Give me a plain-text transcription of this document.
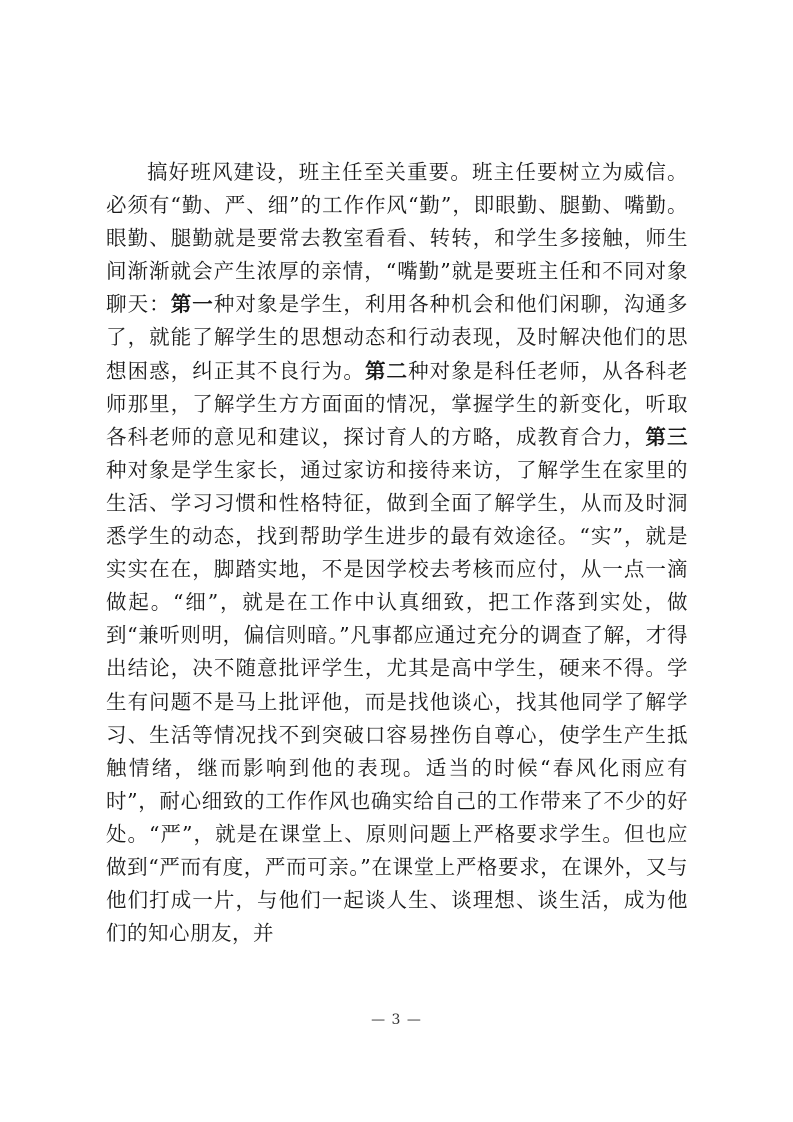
搞好班风建设，班主任至关重要。班主任要树立为威信。必须有“勤、严、细”的工作作风“勤”，即眼勤、腿勤、嘴勤。眼勤、腿勤就是要常去教室看看、转转，和学生多接触，师生间渐渐就会产生浓厚的亲情，“嘴勤”就是要班主任和不同对象聊天：第一种对象是学生，利用各种机会和他们闲聊，沟通多了，就能了解学生的思想动态和行动表现，及时解决他们的思想困惑，纠正其不良行为。第二种对象是科任老师，从各科老师那里，了解学生方方面面的情况，掌握学生的新变化，听取各科老师的意见和建议，探讨育人的方略，成教育合力，第三种对象是学生家长，通过家访和接待来访，了解学生在家里的生活、学习习惯和性格特征，做到全面了解学生，从而及时洞悉学生的动态，找到帮助学生进步的最有效途径。“实”，就是实实在在，脚踏实地，不是因学校去考核而应付，从一点一滴做起。“细”，就是在工作中认真细致，把工作落到实处，做到“兼听则明，偏信则暗。”凡事都应通过充分的调查了解，才得出结论，决不随意批评学生，尤其是高中学生，硬来不得。学生有问题不是马上批评他，而是找他谈心，找其他同学了解学习、生活等情况找不到突破口容易挫伤自尊心，使学生产生抵触情绪，继而影响到他的表现。适当的时候“春风化雨应有时”，耐心细致的工作作风也确实给自己的工作带来了不少的好处。“严”，就是在课堂上、原则问题上严格要求学生。但也应做到“严而有度，严而可亲。”在课堂上严格要求，在课外，又与他们打成一片，与他们一起谈人生、谈理想、谈生活，成为他们的知心朋友，并

— 3 —
